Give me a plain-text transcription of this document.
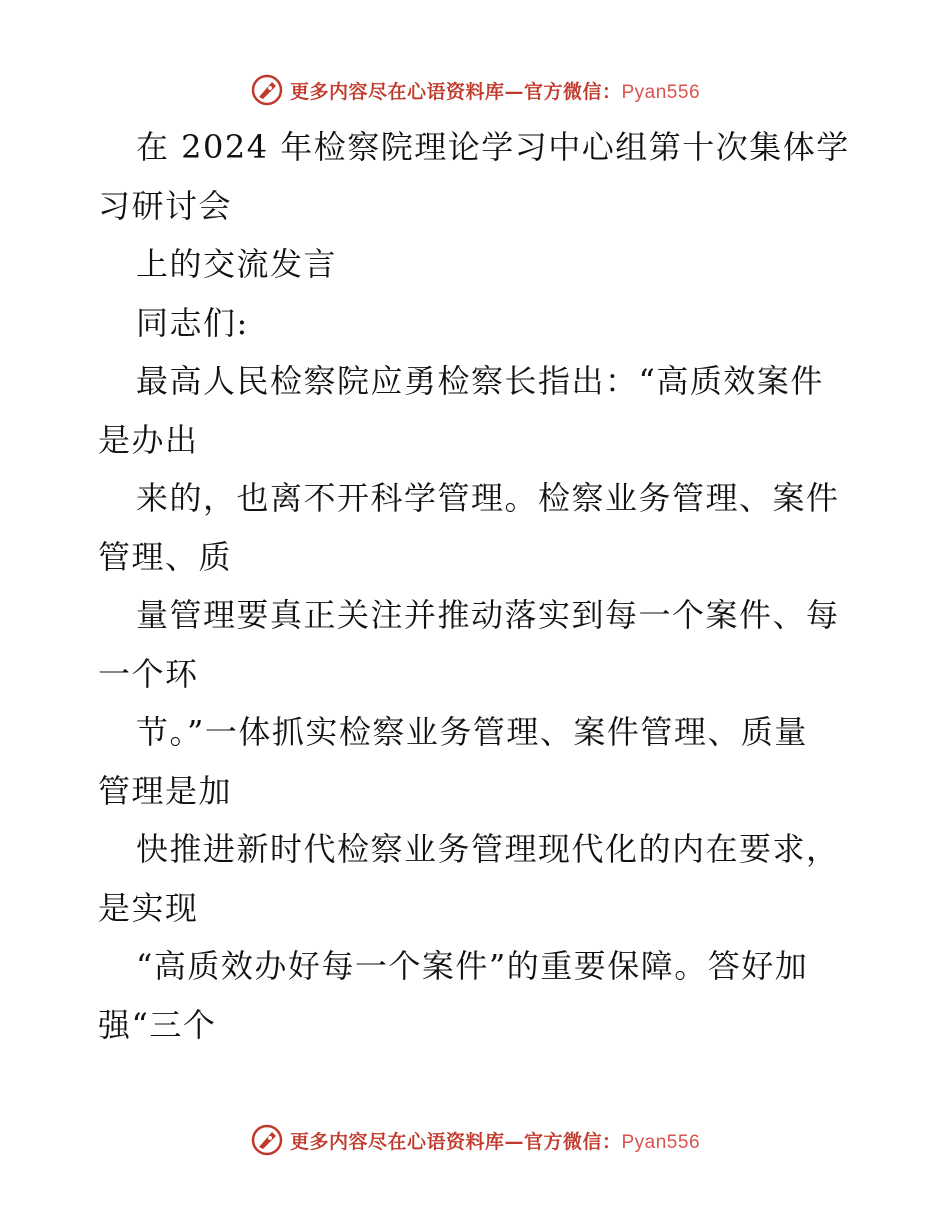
更多内容尽在心语资料库—官方微信：Pyan556
在 2024 年检察院理论学习中心组第十次集体学
习研讨会
上的交流发言
同志们:
最高人民检察院应勇检察长指出：“高质效案件
是办出
来的，也离不开科学管理。检察业务管理、案件
管理、质
量管理要真正关注并推动落实到每一个案件、每
一个环
节。”一体抓实检察业务管理、案件管理、质量
管理是加
快推进新时代检察业务管理现代化的内在要求，
是实现
“高质效办好每一个案件”的重要保障。答好加
强“三个
更多内容尽在心语资料库—官方微信：Pyan556
